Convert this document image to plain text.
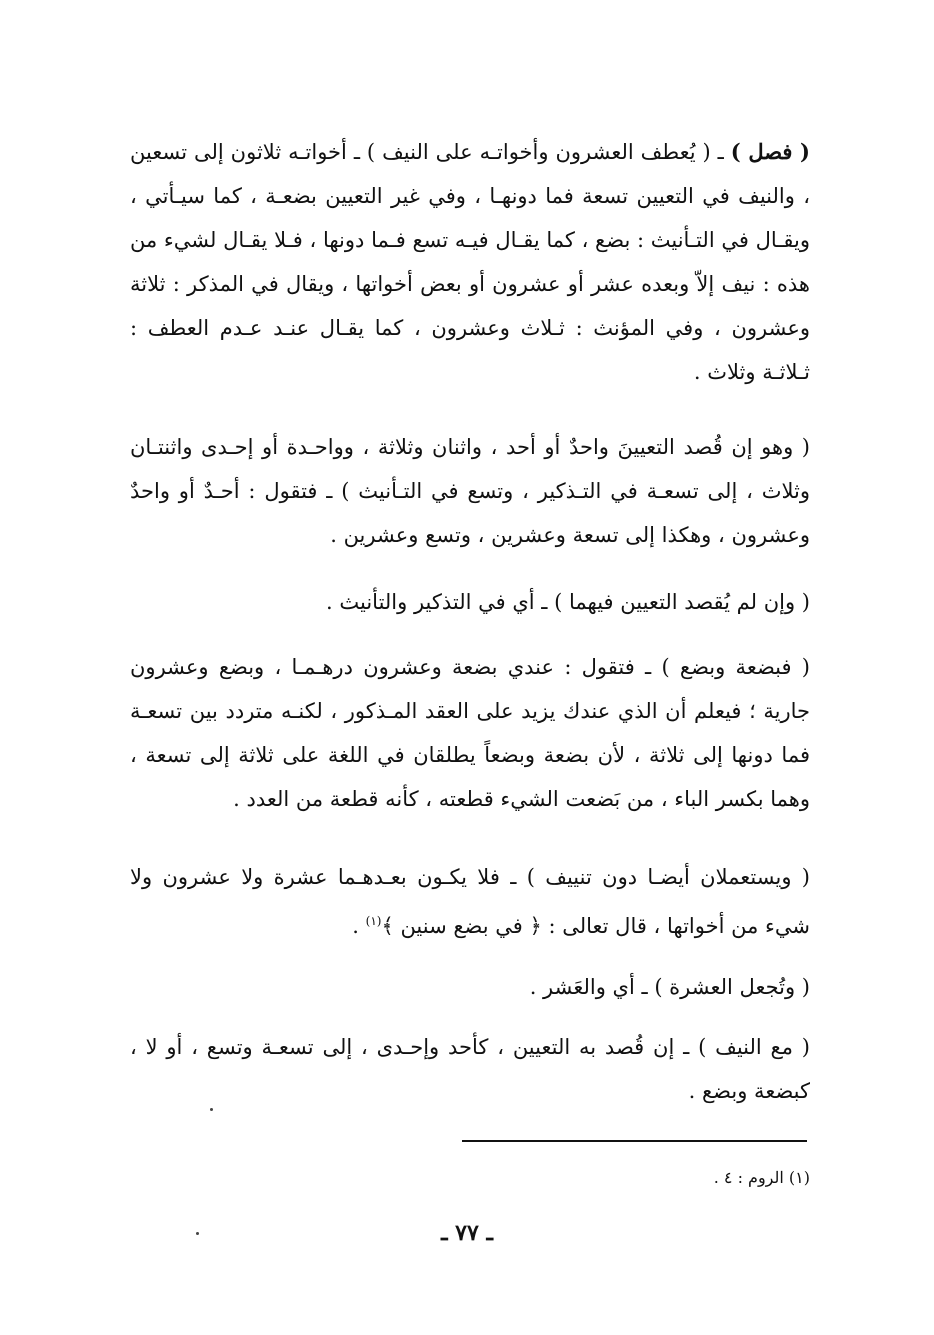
( فصل ) ـ ( يُعطف العشرون وأخواتـه على النيف ) ـ أخواتـه ثلاثون إلى تسعين ، والنيف في التعيين تسعة فما دونهـا ، وفي غير التعيين بضعـة ، كما سيـأتي ، ويقـال في التـأنيث : بضع ، كما يقـال فيـه تسع فـما دونها ، فـلا يقـال لشيء من هذه : نيف إلاّ وبعده عشر أو عشرون أو بعض أخواتها ، ويقال في المذكر : ثلاثة وعشرون ، وفي المؤنث : ثـلاث وعشرون ، كما يقـال عنـد عـدم العطف : ثـلاثـة وثلاث .

( وهو إن قُصد التعيينَ واحدٌ أو أحد ، واثنان وثلاثة ، وواحـدة أو إحـدى واثنتـان وثلاث ، إلى تسعـة في التـذكير ، وتسع في التـأنيث ) ـ فتقول : أحـدٌ أو واحدٌ وعشرون ، وهكذا إلى تسعة وعشرين ، وتسع وعشرين .

( وإن لم يُقصد التعيين فيهما ) ـ أي في التذكير والتأنيث .

( فبضعة وبضع ) ـ فتقول : عندي بضعة وعشرون درهـمـا ، وبضع وعشرون جارية ؛ فيعلم أن الذي عندك يزيد على العقد المـذكور ، لكنـه متردد بين تسعـة فما دونها إلى ثلاثة ، لأن بضعة وبضعاً يطلقان في اللغة على ثلاثة إلى تسعة ، وهما بكسر الباء ، من بَضعت الشيء قطعته ، كأنه قطعة من العدد .

( ويستعملان أيضـا دون تنييف ) ـ فلا يكـون بعـدهـما عشرة ولا عشرون ولا شيء من أخواتها ، قال تعالى : ﴿ في بضع سنين ﴾$^{(١)}$ .

( وتُجعل العشرة ) ـ أي والعَشر .

( مع النيف ) ـ إن قُصد به التعيين ، كأحد وإحـدى ، إلى تسعـة وتسع ، أو لا ، كبضعة وبضع .

(١) الروم : ٤ .
ـ ٧٧ ـ
